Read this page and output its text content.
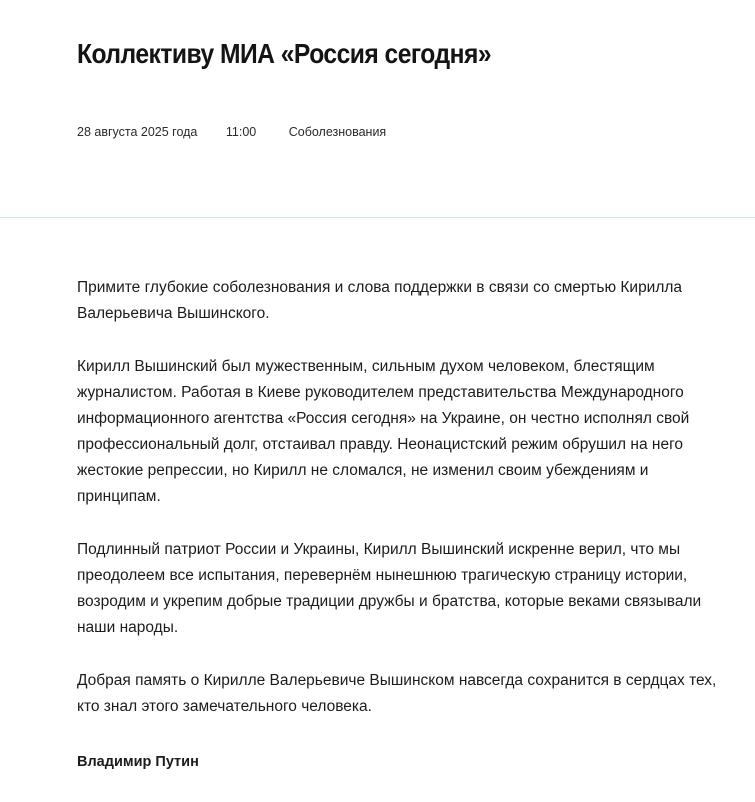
Коллективу МИА «Россия сегодня»
28 августа 2025 года 11:00	Соболезнования

Примите глубокие соболезнования и слова поддержки в связи со смертью Кирилла Валерьевича Вышинского.

Кирилл Вышинский был мужественным, сильным духом человеком, блестящим журналистом. Работая в Киеве руководителем представительства Международного информационного агентства «Россия сегодня» на Украине, он честно исполнял свой профессиональный долг, отстаивал правду. Неонацистский режим обрушил на него жестокие репрессии, но Кирилл не сломался, не изменил своим убеждениям и принципам.

Подлинный патриот России и Украины, Кирилл Вышинский искренне верил, что мы преодолеем все испытания, перевернём нынешнюю трагическую страницу истории, возродим и укрепим добрые традиции дружбы и братства, которые веками связывали наши народы.

Добрая память о Кирилле Валерьевиче Вышинском навсегда сохранится в сердцах тех, кто знал этого замечательного человека.

Владимир Путин
